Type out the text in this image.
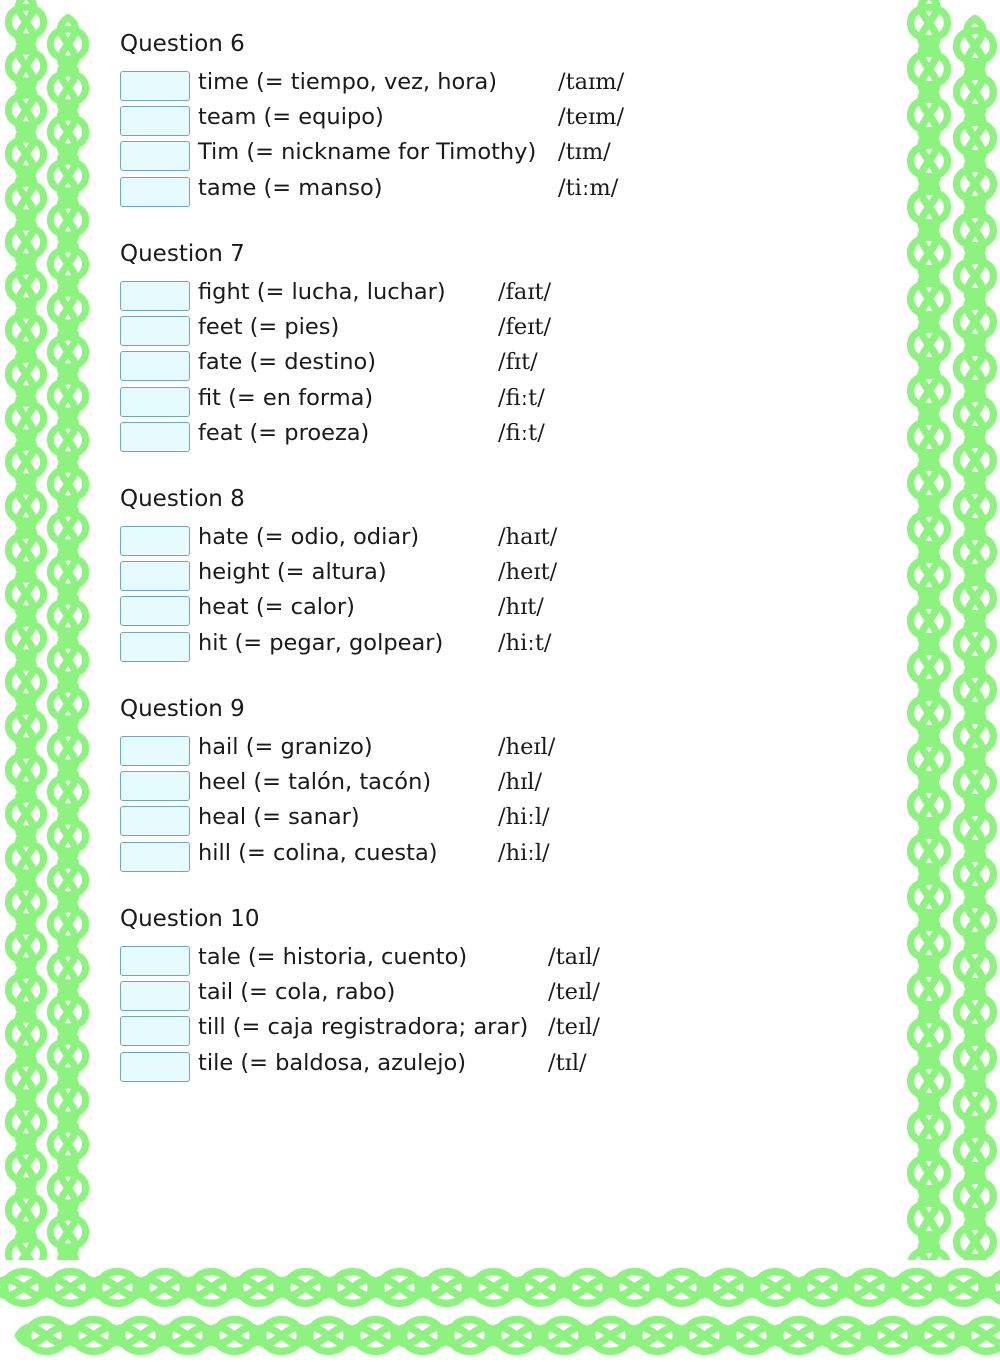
Question 6
time (= tiempo, vez, hora)	/taɪm/
team (= equipo)	/teɪm/
Tim (= nickname for Timothy) /tɪm/
tame (= manso)	/tiːm/
Question 7
fight (= lucha, luchar) /faɪt/
feet (= pies)	/feɪt/
fate (= destino)	/fɪt/
fit (= en forma)	/fiːt/
feat (= proeza)	/fiːt/
Question 8
hate (= odio, odiar)	/haɪt/
height (= altura)	/heɪt/
heat (= calor)	/hɪt/
hit (= pegar, golpear) /hiːt/
Question 9
hail (= granizo)	/heɪl/
heel (= talón, tacón)	/hɪl/
heal (= sanar)	/hiːl/
hill (= colina, cuesta)	/hiːl/
Question 10
tale (= historia, cuento)	/taɪl/
tail (= cola, rabo)	/teɪl/
till (= caja registradora; arar) /teɪl/
tile (= baldosa, azulejo)	/tɪl/
